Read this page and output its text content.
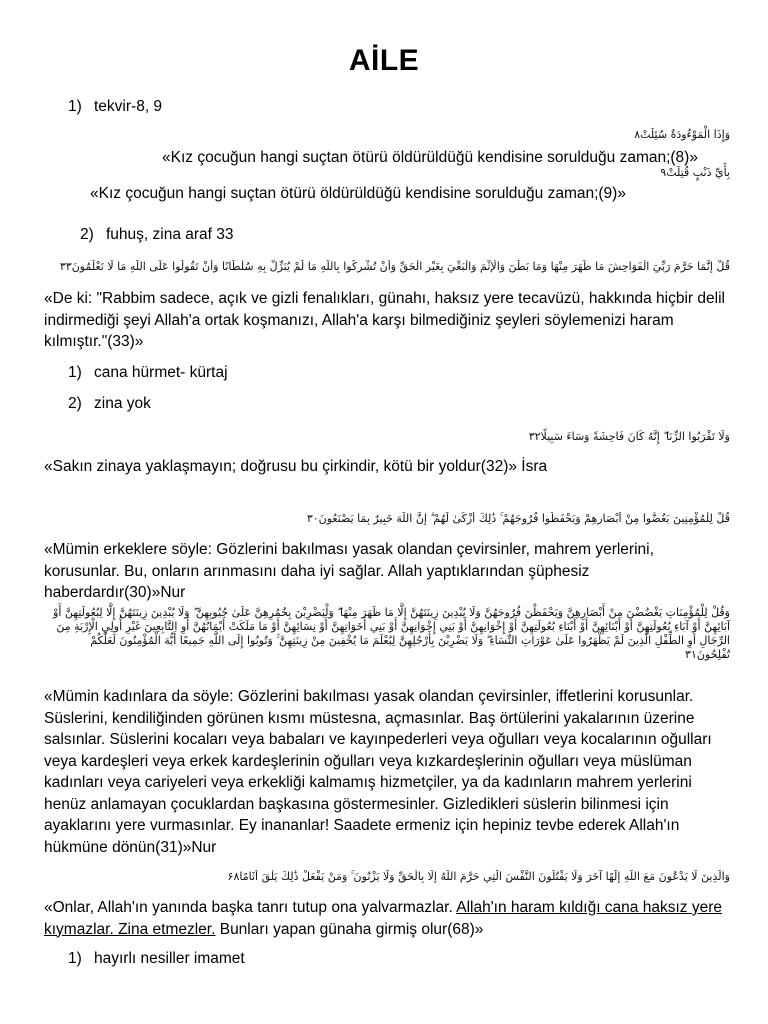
AİLE
1) tekvir-8, 9
وَإِذَا الْمَوْءُودَةُ سُئِلَتْ۸
«Kız çocuğun hangi suçtan ötürü öldürüldüğü kendisine sorulduğu zaman;(8)»
بِأَيِّ ذَنْبٍ قُتِلَتْ۹
«Kız çocuğun hangi suçtan ötürü öldürüldüğü kendisine sorulduğu zaman;(9)»
2) fuhuş, zina araf 33
قُلْ إِنَّمَا حَرَّمَ رَبِّيَ الْفَوَاحِشَ مَا ظَهَرَ مِنْهَا وَمَا بَطَنَ وَالْإِثْمَ وَالْبَغْيَ بِغَيْرِ الْحَقِّ وَأَنْ تُشْرِكُوا بِاللَّهِ مَا لَمْ يُنَزِّلْ بِهِ سُلْطَانًا وَأَنْ تَقُولُوا عَلَى اللَّهِ مَا لَا تَعْلَمُونَ۳۳
«De ki: "Rabbim sadece, açık ve gizli fenalıkları, günahı, haksız yere tecavüzü, hakkında hiçbir delil indirmediği şeyi Allah'a ortak koşmanızı, Allah'a karşı bilmediğiniz şeyleri söylemenizi haram kılmıştır."(33)»
1) cana hürmet- kürtaj
2) zina yok
وَلَا تَقْرَبُوا الزِّنَا ۖ إِنَّهُ كَانَ فَاحِشَةً وَسَاءَ سَبِيلًا۳۲
«Sakın zinaya yaklaşmayın; doğrusu bu çirkindir, kötü bir yoldur(32)» İsra
قُلْ لِلْمُؤْمِنِينَ يَغُضُّوا مِنْ أَبْصَارِهِمْ وَيَحْفَظُوا فُرُوجَهُمْ ۚ ذَٰلِكَ أَزْكَىٰ لَهُمْ ۗ إِنَّ اللَّهَ خَبِيرٌ بِمَا يَصْنَعُونَ۳۰
«Mümin erkeklere söyle: Gözlerini bakılması yasak olandan çevirsinler, mahrem yerlerini, korusunlar. Bu, onların arınmasını daha iyi sağlar. Allah yaptıklarından şüphesiz haberdardır(30)»Nur
وَقُلْ لِلْمُؤْمِنَاتِ يَغْضُضْنَ مِنْ أَبْصَارِهِنَّ وَيَحْفَظْنَ فُرُوجَهُنَّ وَلَا يُبْدِينَ زِينَتَهُنَّ إِلَّا مَا ظَهَرَ مِنْهَا ۖ وَلْيَضْرِبْنَ بِخُمُرِهِنَّ عَلَىٰ جُيُوبِهِنَّ ۖ وَلَا يُبْدِينَ زِينَتَهُنَّ إِلَّا لِبُعُولَتِهِنَّ أَوْ آبَائِهِنَّ أَوْ آبَاءِ بُعُولَتِهِنَّ أَوْ أَبْنَائِهِنَّ أَوْ أَبْنَاءِ بُعُولَتِهِنَّ أَوْ إِخْوَانِهِنَّ أَوْ بَنِي إِخْوَانِهِنَّ أَوْ بَنِي أَخَوَاتِهِنَّ أَوْ نِسَائِهِنَّ أَوْ مَا مَلَكَتْ أَيْمَانُهُنَّ أَوِ التَّابِعِينَ غَيْرِ أُولِي الْإِرْبَةِ مِنَ الرِّجَالِ أَوِ الطِّفْلِ الَّذِينَ لَمْ يَظْهَرُوا عَلَىٰ عَوْرَاتِ النِّسَاءِ ۖ وَلَا يَضْرِبْنَ بِأَرْجُلِهِنَّ لِيُعْلَمَ مَا يُخْفِينَ مِنْ زِينَتِهِنَّ ۚ وَتُوبُوا إِلَى اللَّهِ جَمِيعًا أَيُّهَ الْمُؤْمِنُونَ لَعَلَّكُمْ تُفْلِحُونَ۳۱
«Mümin kadınlara da söyle: Gözlerini bakılması yasak olandan çevirsinler, iffetlerini korusunlar. Süslerini, kendiliğinden görünen kısmı müstesna, açmasınlar. Baş örtülerini yakalarının üzerine salsınlar. Süslerini kocaları veya babaları ve kayınpederleri veya oğulları veya kocalarının oğulları veya kardeşleri veya erkek kardeşlerinin oğulları veya kızkardeşlerinin oğulları veya müslüman kadınları veya cariyeleri veya erkekliği kalmamış hizmetçiler, ya da kadınların mahrem yerlerini henüz anlamayan çocuklardan başkasına göstermesinler. Gizledikleri süslerin bilinmesi için ayaklarını yere vurmasınlar. Ey inananlar! Saadete ermeniz için hepiniz tevbe ederek Allah'ın hükmüne dönün(31)»Nur
وَالَّذِينَ لَا يَدْعُونَ مَعَ اللَّهِ إِلَٰهًا آخَرَ وَلَا يَقْتُلُونَ النَّفْسَ الَّتِي حَرَّمَ اللَّهُ إِلَّا بِالْحَقِّ وَلَا يَزْنُونَ ۚ وَمَنْ يَفْعَلْ ذَٰلِكَ يَلْقَ أَثَامًا۶۸
«Onlar, Allah'ın yanında başka tanrı tutup ona yalvarmazlar. Allah'ın haram kıldığı cana haksız yere kıymazlar. Zina etmezler. Bunları yapan günaha girmiş olur(68)»
1) hayırlı nesiller imamet
